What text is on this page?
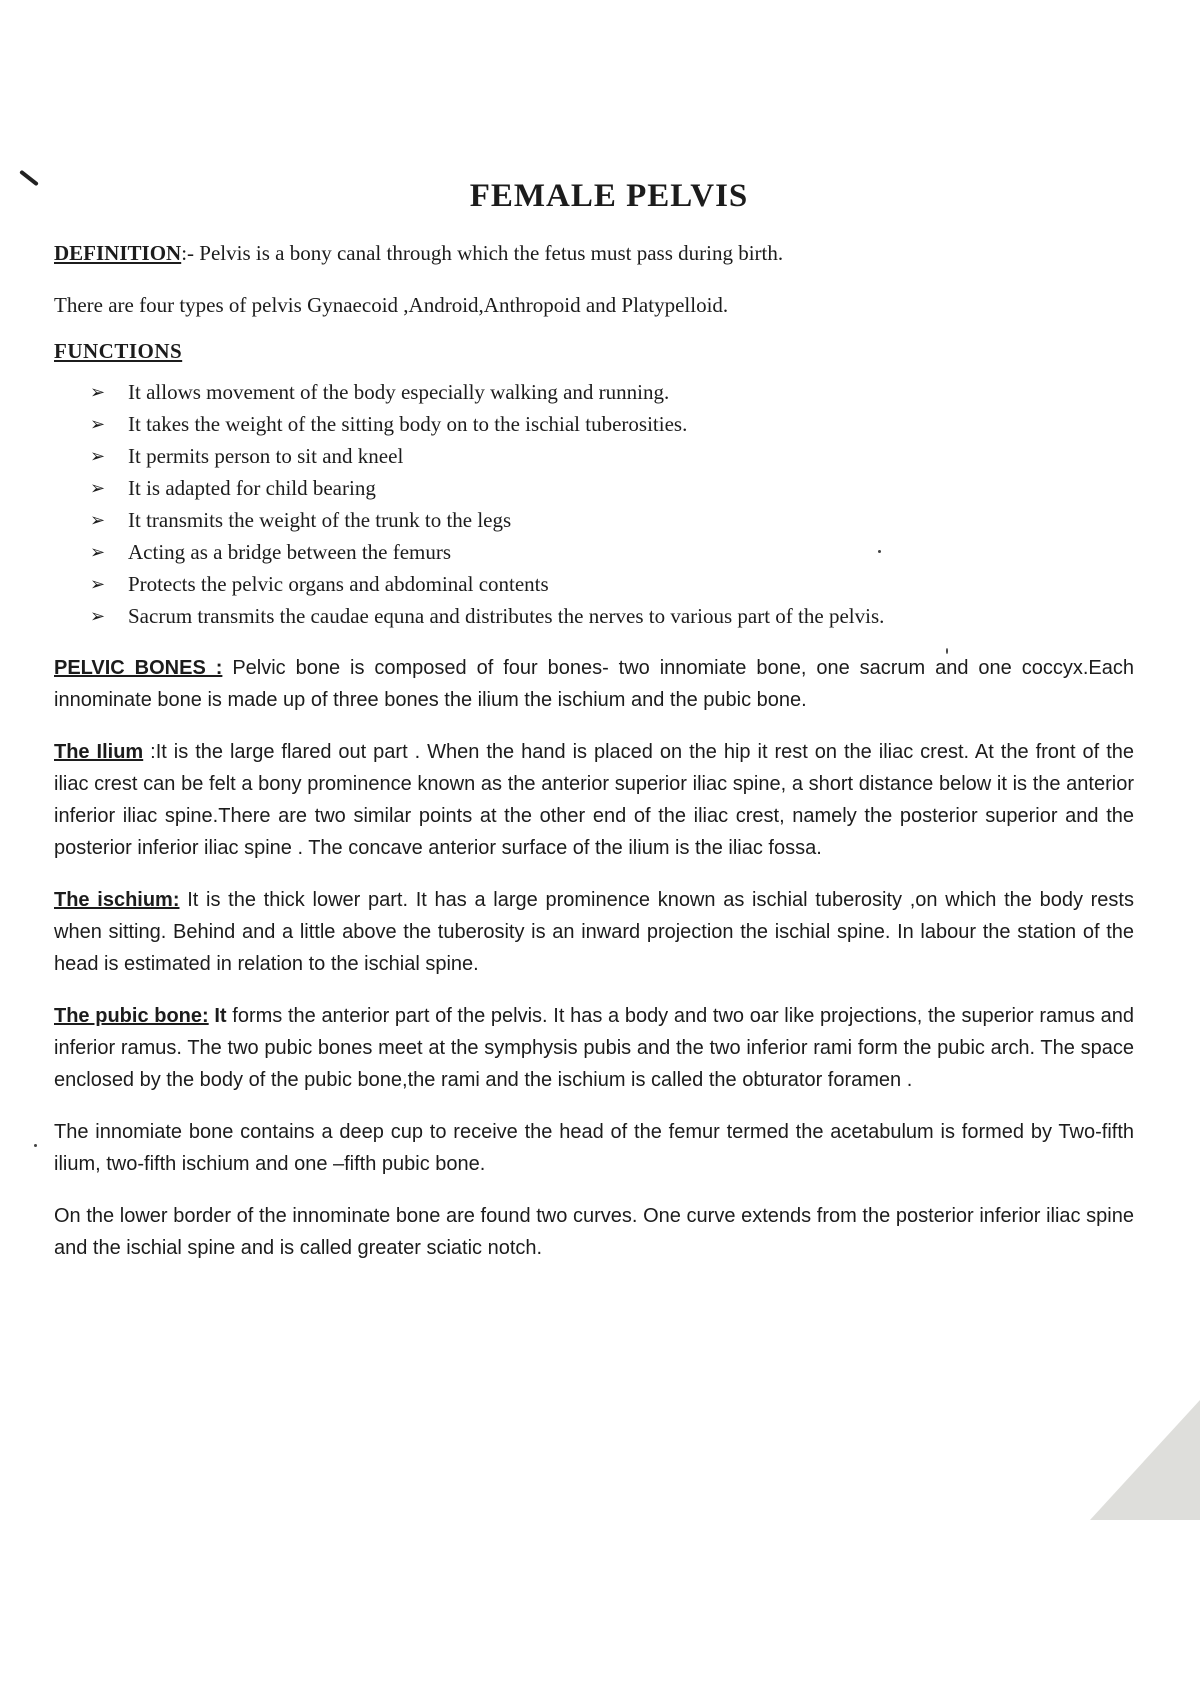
FEMALE PELVIS

DEFINITION:- Pelvis is a bony canal through which the fetus must pass during birth.

There are four types of pelvis Gynaecoid ,Android,Anthropoid and Platypelloid.

FUNCTIONS
➢ It allows movement of the body especially walking and running.
➢ It takes the weight of the sitting body on to the ischial tuberosities.
➢ It permits person to sit and kneel
➢ It is adapted for child bearing
➢ It transmits the weight of the trunk to the legs
➢ Acting as a bridge between the femurs
➢ Protects the pelvic organs and abdominal contents
➢ Sacrum transmits the caudae equna and distributes the nerves to various part of the pelvis.

PELVIC BONES : Pelvic bone is composed of four bones- two innomiate bone, one sacrum and one coccyx.Each innominate bone is made up of three bones the ilium the ischium and the pubic bone.

The Ilium :It is the large flared out part . When the hand is placed on the hip it rest on the iliac crest. At the front of the iliac crest can be felt a bony prominence known as the anterior superior iliac spine, a short distance below it is the anterior inferior iliac spine.There are two similar points at the other end of the iliac crest, namely the posterior superior and the posterior inferior iliac spine . The concave anterior surface of the ilium is the iliac fossa.

The ischium: It is the thick lower part. It has a large prominence known as ischial tuberosity ,on which the body rests when sitting. Behind and a little above the tuberosity is an inward projection the ischial spine. In labour the station of the head is estimated in relation to the ischial spine.

The pubic bone: It forms the anterior part of the pelvis. It has a body and two oar like projections, the superior ramus and inferior ramus. The two pubic bones meet at the symphysis pubis and the two inferior rami form the pubic arch. The space enclosed by the body of the pubic bone,the rami and the ischium is called the obturator foramen .

The innomiate bone contains a deep cup to receive the head of the femur termed the acetabulum is formed by Two-fifth ilium, two-fifth ischium and one –fifth pubic bone.

On the lower border of the innominate bone are found two curves. One curve extends from the posterior inferior iliac spine and the ischial spine and is called greater sciatic notch.
